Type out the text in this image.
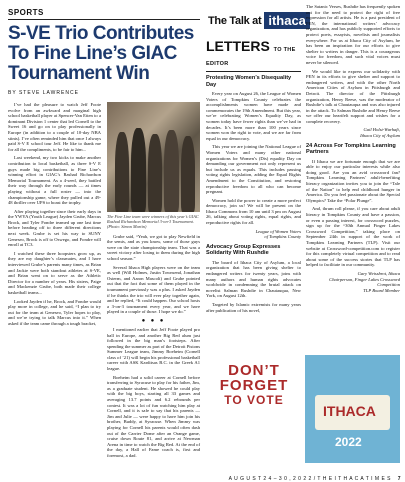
SPORTS
S-VE Trio Contributes To Fine Line’s GIAC Tournament Win
BY STEVE LAWRENCE

I’ve had the pleasure to watch Jeff Foote evolve from an awkward and marginal high school basketball player at Spencer-Van Etten to a dominant Division 1 center that led Cornell to the Sweet 16 and go on to play professionally in Europe (in addition to a couple of 10-day NBA stints). I’ve often reminded him that once I always paid S-V E school tour Jeff. He like to thank me for all the compliments, to be fair to him...

Last weekend, my two kicks to make another contribution to local basketball, as three S-V E guys made big contributions to Fine Line’s winning effort in GIAC’s Rashad Richardson Memorial Tournament. As a 4-seed, they battled their way through the early rounds — at times playing without a full roster — into the championship game, where they pulled out a 49-48 thriller over UPS to boast the trophy.

After playing together since their early days in the YWYA (Youth League) Jayden Grube, Marcus Brock, and Tyler Fondre teamed up one last time before heading off to three different directions next week. Grube is set his way to SUNY Geneseo, Brock is off to Oswego, and Fondre will enroll at TC3.

I watched these three hoopsters grow up, as they are my daughter’s classmates, and I have interviewed Grube’s parents many times, as Brian and Jackie were both standout athletes at S-VE, and Brian went on to serve as the Athletic Director for a number of years. His sisters, Paige and Mackenzie Grube, both made their college basketball teams...

Looked Jayden if he, Brock, and Fondre would play more in college, and he said, “I plan to try out for the team at Geneseo, Tyler hopes to play, and we’re trying to talk Marcus into it.” When asked if the team came through a tough bracket,

The Fine Line team were winners of this year’s GIAC Rashad Richardson Memorial 3-on-3 Tournament. (Photo: Simon Martin)

Grube said, “Yeah, we got to play Newfield in the semis, and as you know, some of those guys were on the state championship team. That was a sweet victory after losing to them during the high school season.”

Several Ithaca High players were on the team as well (Will Holmes, Justin Townsend, Jonathan Osterm, and Aaron Mascoli) and Grube pointed out that the fact that some of them played in the tournament previously was a plus. I asked Jayden if he thinks the trio will ever play together again, and he replied, “It could happen. Our school hosts a 3-on-3 tournament every year, and we have played in a couple of those. I hope we do.”

● ● ●

I mentioned earlier that Jeff Foote played pro ball in Europe, and another Big Red alum just followed in the big man’s footsteps. After spending the summer as part of the Detroit Pistons Summer League team, Jimmy Boeheim (Cornell class of ’21) will begin his professional basketball career with ASK Karditsas B.C. in the Greek A1 league.

Boeheim had a solid career at Cornell before transferring to Syracuse to play for his father, Jim, as a graduate student. He showed he could play with the big boys, starting all 33 games and averaging 13.7 points and 6.2 rebounds per contest. It was a lot of fun watching him play at Cornell, and it is safe to say that his parents — Jim and Julie — were happy to have him join his brother, Buddy, at Syracuse. When Jimmy was playing for Cornell his parents would often dash out of the Carrier Dome after an Orange game, cruise down Route 81, and arrive at Newman Arena in time to watch the Big Red. At the end of the day, a Hall of Fame coach is, first and foremost, a dad.

The Talk at ithaca
com
LETTERS TO THE EDITOR
Protesting Women’s Disequality Day

Every year on August 26, the League of Women Voters of Tompkins County celebrates the accomplishments women have made and commemorates the 19th Amendment. But this year, we’re celebrating Women’s Equality Day, as women today have fewer rights than we’ve had in decades. It’s been more than 100 years since women won the right to vote, and we are far from equal in our democracy.

This year we are joining the National League of Women Voters and many other national organizations for Women’s (Dis) equality Day on demanding our government not only represent us but include us as equals. This includes passing voting rights legislation, adding the Equal Rights Amendment to the Constitution, and restoring reproductive freedom to all who can become pregnant.

Women hold the power to create a more perfect democracy, join us! We will be present on the Ithaca Commons from 10 am until 3 pm on August 26, talking about voting rights, equal rights, and reproductive rights for all.

League of Women Voters
of Tompkins County
Advocacy Group Expresses Solidarity With Rushdie

The board of Ithaca City of Asylum, a local organization that has been giving shelter to endangered writers for twenty years, joins with many authors and human rights advocates worldwide in condemning the brutal attack on novelist Salman Rushdie in Chautauqua, New York, on August 12th.

Targeted by Islamic extremists for many years after publication of his novel,

The Satanic Verses, Rushdie has frequently spoken out for the need to protect the right of free expression for all artists. He is a past president of PEN, the international writers’ advocacy organization, and has publicly supported efforts to protect poets, essayists, novelists and journalists everywhere. For us at Ithaca City of Asylum, he has been an inspiration for our efforts to give shelter to writers in danger. This is a courageous voice for freedom, and such vital voices must never be silenced.

We would like to express our solidarity with PEN in its efforts to give shelter and support to endangered writers, and with the other North American Cities of Asylum in Pittsburgh and Detroit. The director of the Pittsburgh organization, Henry Reese, was the moderator of Rushdie’s talk at Chautauqua and was also injured in the attack. To Salman Rushdie and Henry Reese we offer our heartfelt support and wishes for a complete recovery.

Gail Holst-Warhaft,
Ithaca City of Asylum
24 Across For Tompkins Learning Partners

If Ithaca we are fortunate enough that we are able to enjoy our particular interests while also doing good. Are you an avid crossword fan? Tompkins Learning Partners’ adult-benefiting literacy organization invites you to join the “Tale of the Nation” to help end childhood hunger in America. Do you feel passionate about the Special Olympics? Take the “Polar Plunge”.

And, thrum roll please, if you care about adult literacy in Tompkins County and have a passion, or even a passing interest, for crossword puzzles, sign up for the “30th Annual Finger Lakes Crossword Competition,” taking place on September 24th in support of the work of Tompkins Learning Partners (TLP). Visit our website at Crossword-competition.com to register for this completely virtual competition and to read about some of the success stories that TLP has helped to facilitate in our community.

Gary Weissbrot, Ithaca
Chairperson, Finger Lakes Crossword
Competition
TLP Board Member
DON’T
FORGET
TO VOTE
ITHACA
2022
A U G U S T 2 4 – 3 0 , 2 0 2 2 / T H E I T H A C A T I M E S 7
